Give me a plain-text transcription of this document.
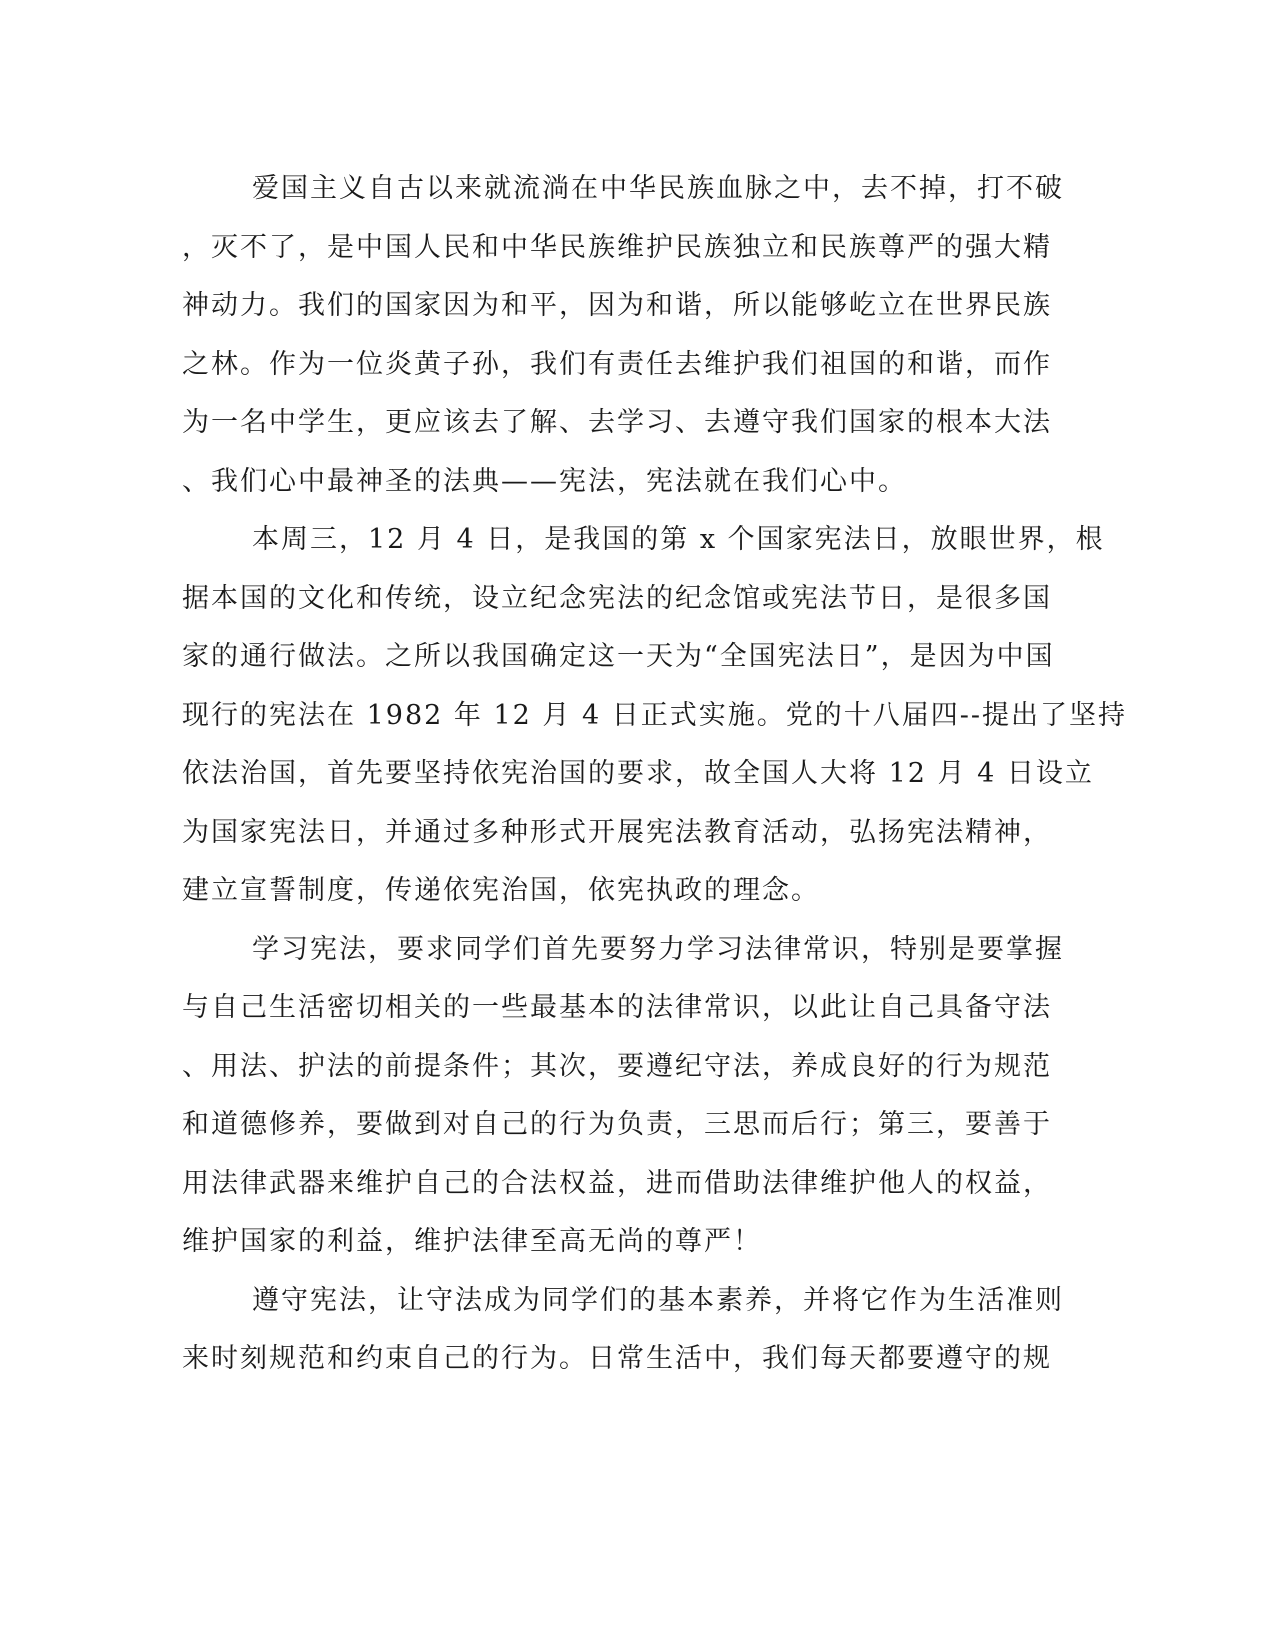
爱国主义自古以来就流淌在中华民族血脉之中，去不掉，打不破
，灭不了，是中国人民和中华民族维护民族独立和民族尊严的强大精
神动力。我们的国家因为和平，因为和谐，所以能够屹立在世界民族
之林。作为一位炎黄子孙，我们有责任去维护我们祖国的和谐，而作
为一名中学生，更应该去了解、去学习、去遵守我们国家的根本大法
、我们心中最神圣的法典——宪法，宪法就在我们心中。
本周三，12 月 4 日，是我国的第 x 个国家宪法日，放眼世界，根
据本国的文化和传统，设立纪念宪法的纪念馆或宪法节日，是很多国
家的通行做法。之所以我国确定这一天为“全国宪法日”，是因为中国
现行的宪法在 1982 年 12 月 4 日正式实施。党的十八届四--提出了坚持
依法治国，首先要坚持依宪治国的要求，故全国人大将 12 月 4 日设立
为国家宪法日，并通过多种形式开展宪法教育活动，弘扬宪法精神，
建立宣誓制度，传递依宪治国，依宪执政的理念。
学习宪法，要求同学们首先要努力学习法律常识，特别是要掌握
与自己生活密切相关的一些最基本的法律常识，以此让自己具备守法
、用法、护法的前提条件；其次，要遵纪守法，养成良好的行为规范
和道德修养，要做到对自己的行为负责，三思而后行；第三，要善于
用法律武器来维护自己的合法权益，进而借助法律维护他人的权益，
维护国家的利益，维护法律至高无尚的尊严！
遵守宪法，让守法成为同学们的基本素养，并将它作为生活准则
来时刻规范和约束自己的行为。日常生活中，我们每天都要遵守的规
